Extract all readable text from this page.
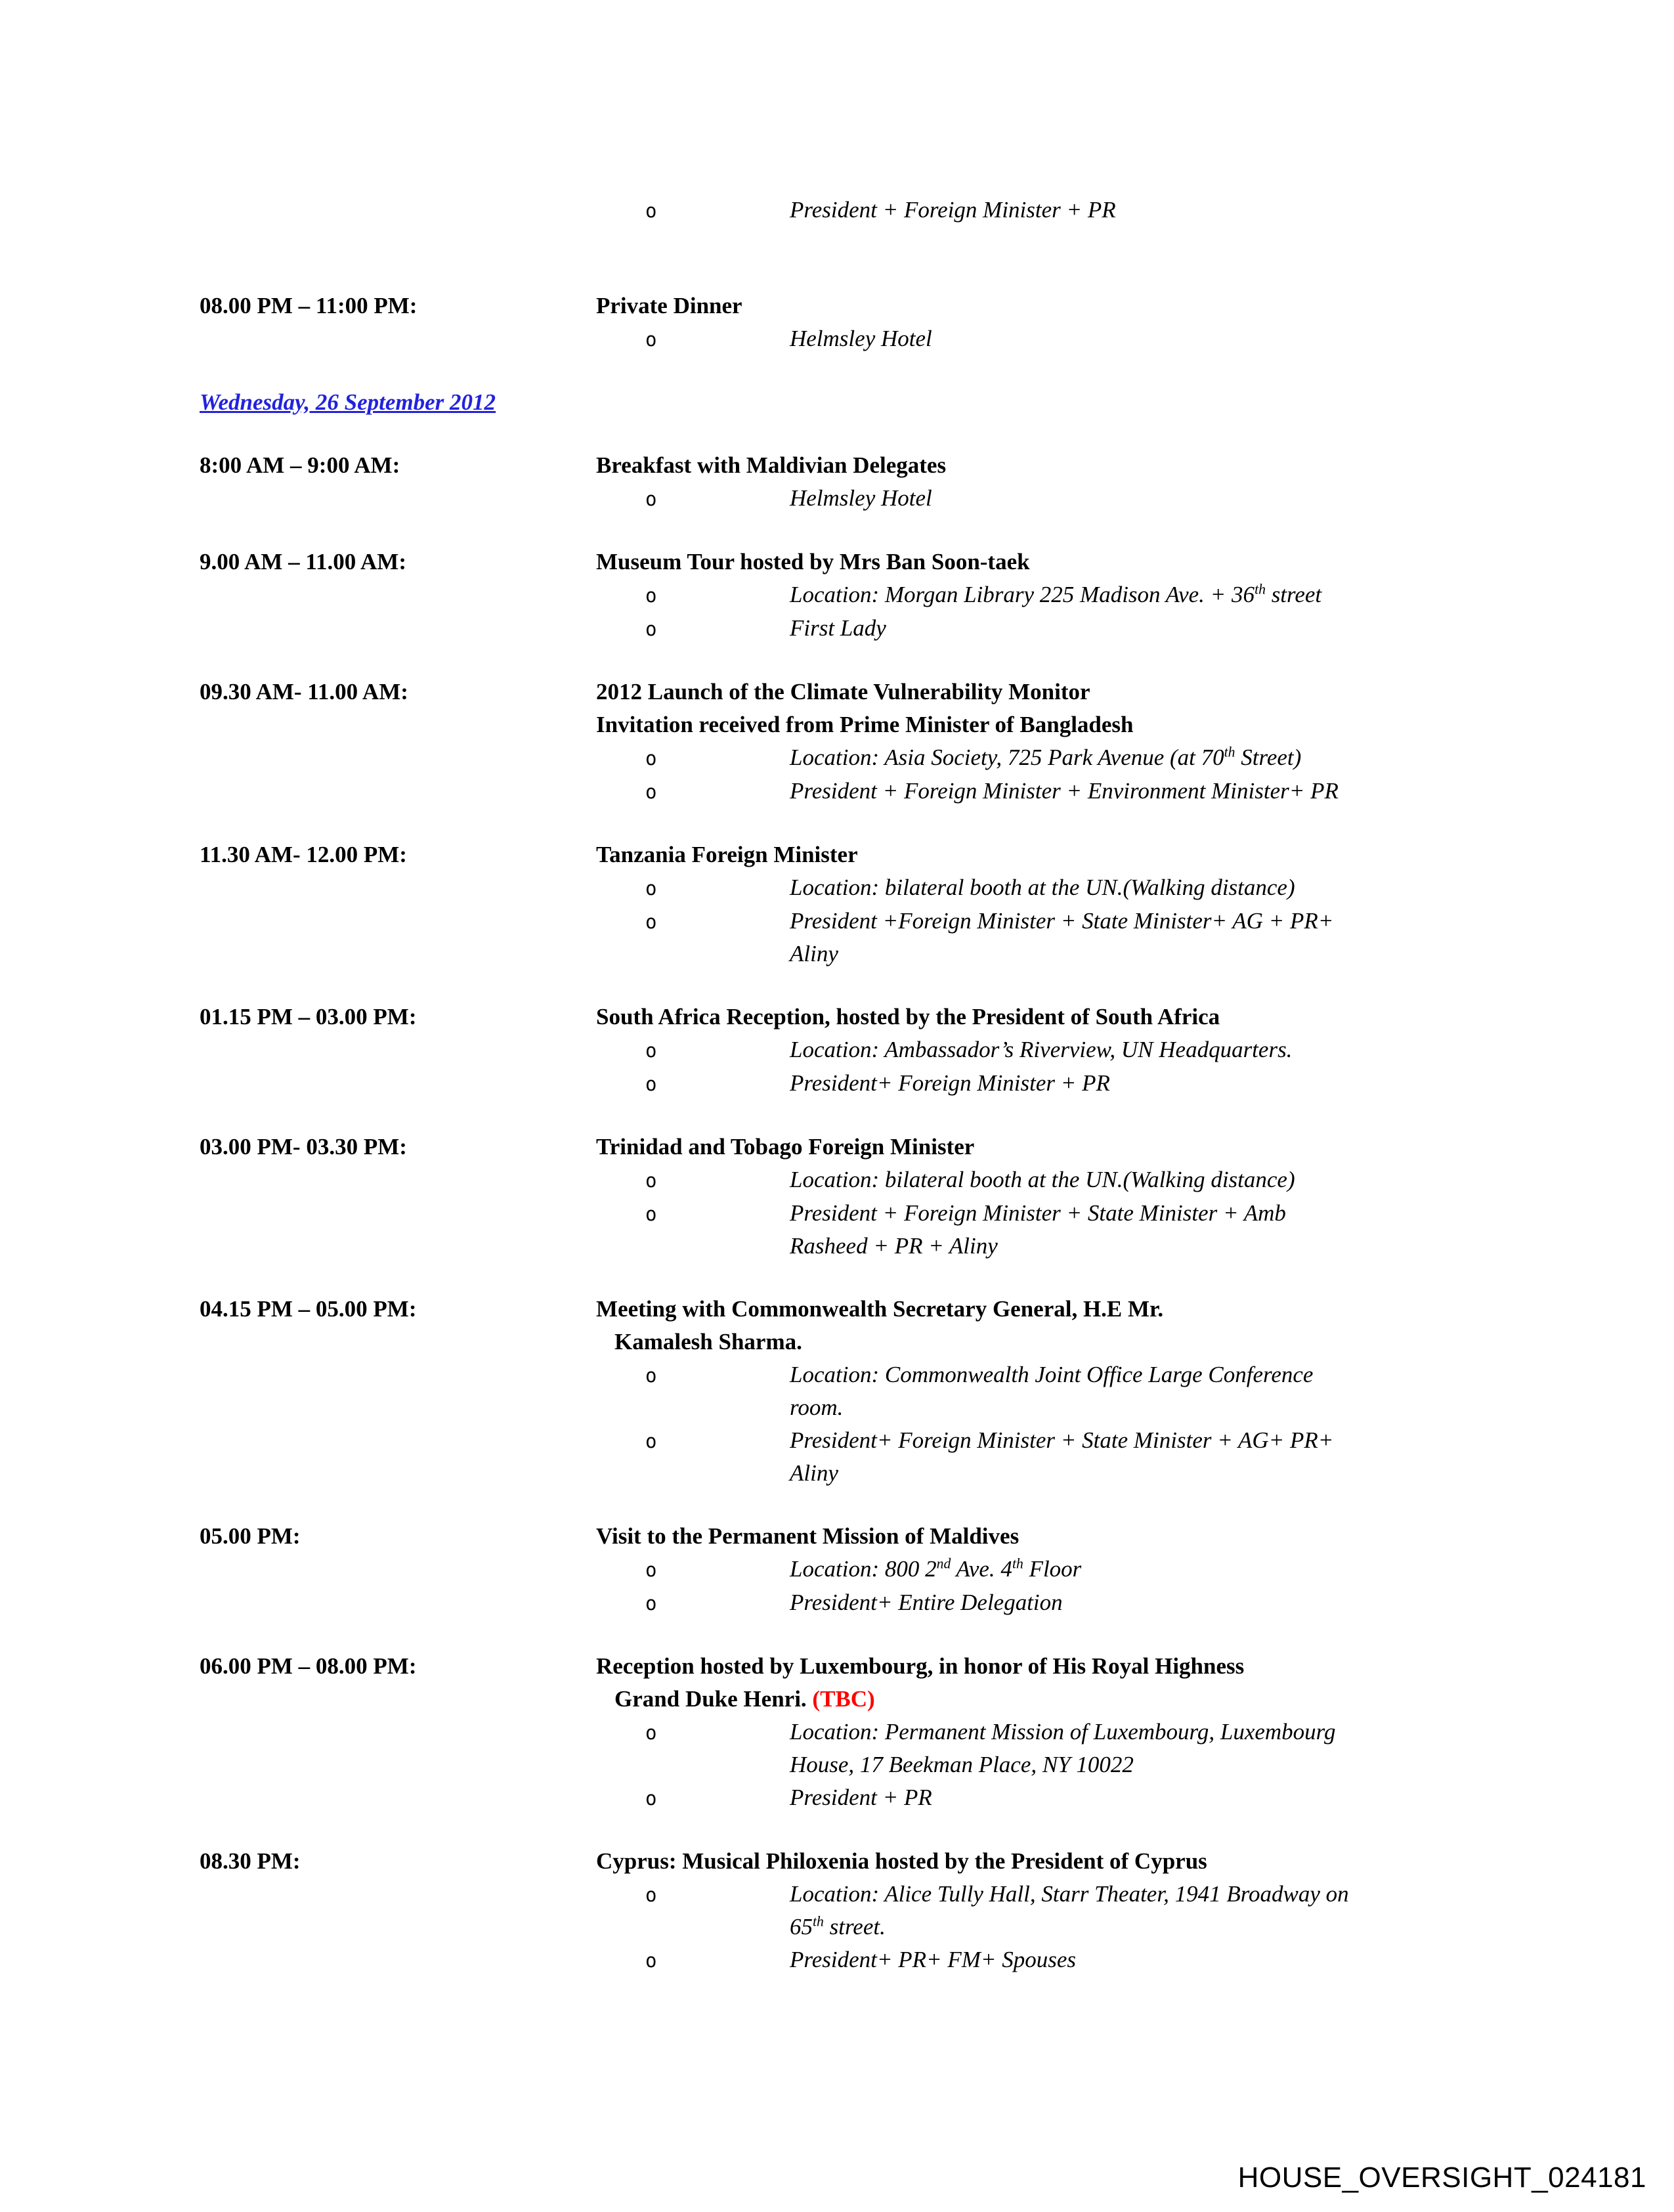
o	President + Foreign Minister + PR
08.00 PM – 11:00 PM:	Private Dinner
o	Helmsley Hotel
Wednesday, 26 September 2012
8:00 AM – 9:00 AM:	Breakfast with Maldivian Delegates
o	Helmsley Hotel
9.00 AM – 11.00 AM:	Museum Tour hosted by Mrs Ban Soon-taek
o	Location: Morgan Library 225 Madison Ave. + 36th street
o	First Lady
09.30 AM- 11.00 AM:	2012 Launch of the Climate Vulnerability Monitor
Invitation received from Prime Minister of Bangladesh
o	Location: Asia Society, 725 Park Avenue (at 70th Street)
o	President + Foreign Minister + Environment Minister+ PR
11.30 AM- 12.00 PM:	Tanzania Foreign Minister
o	Location: bilateral booth at the UN.(Walking distance)
o	President +Foreign Minister + State Minister+ AG + PR+
Aliny
01.15 PM – 03.00 PM:	South Africa Reception, hosted by the President of South Africa
o	Location: Ambassador’s Riverview, UN Headquarters.
o	President+ Foreign Minister + PR
03.00 PM- 03.30 PM:	Trinidad and Tobago Foreign Minister
o	Location: bilateral booth at the UN.(Walking distance)
o	President + Foreign Minister + State Minister + Amb
Rasheed + PR + Aliny
04.15 PM – 05.00 PM:	Meeting with Commonwealth Secretary General, H.E Mr.
Kamalesh Sharma.
o	Location: Commonwealth Joint Office Large Conference
room.
o	President+ Foreign Minister + State Minister + AG+ PR+
Aliny
05.00 PM:	Visit to the Permanent Mission of Maldives
o	Location: 800 2nd Ave. 4th Floor
o	President+ Entire Delegation
06.00 PM – 08.00 PM:	Reception hosted by Luxembourg, in honor of His Royal Highness
Grand Duke Henri. (TBC)
o	Location: Permanent Mission of Luxembourg, Luxembourg
House, 17 Beekman Place, NY 10022
o	President + PR
08.30 PM:	Cyprus: Musical Philoxenia hosted by the President of Cyprus
o	Location: Alice Tully Hall, Starr Theater, 1941 Broadway on
65th street.
o	President+ PR+ FM+ Spouses
HOUSE_OVERSIGHT_024181
